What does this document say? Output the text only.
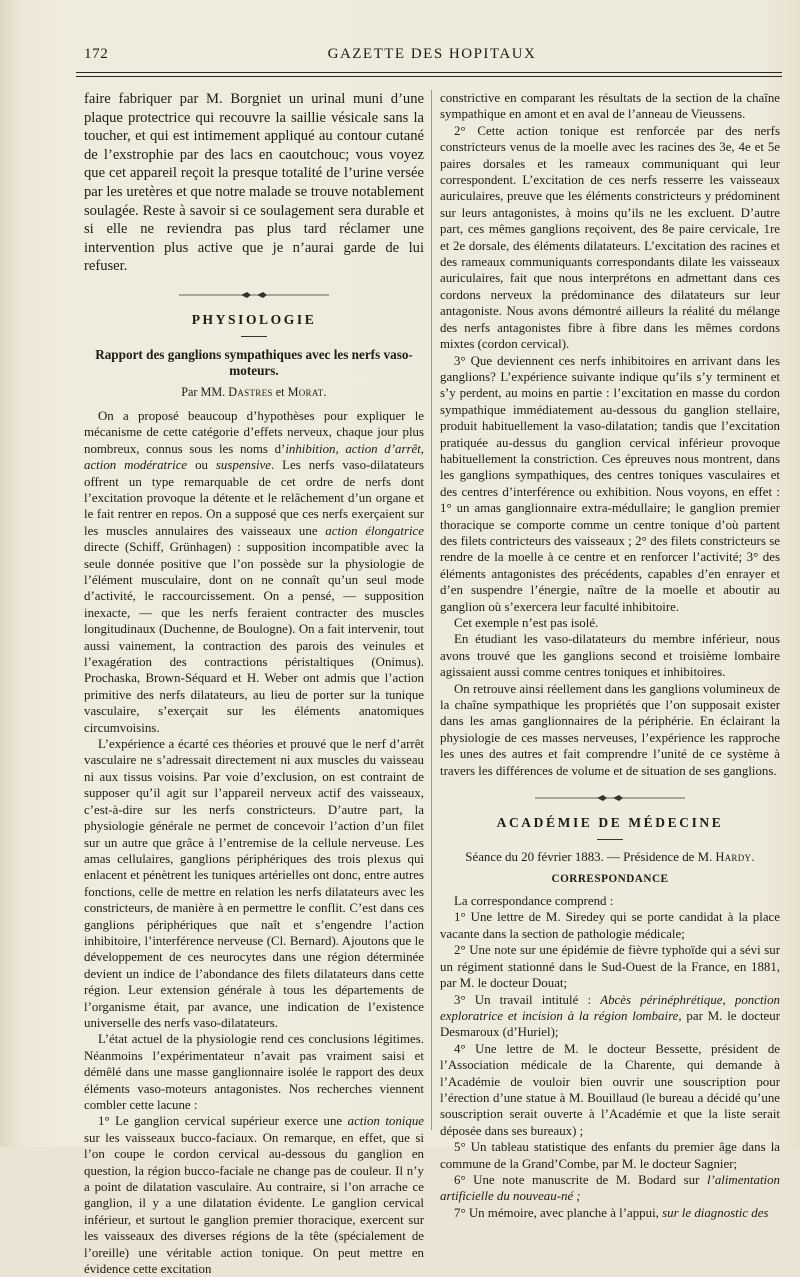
172	GAZETTE DES HOPITAUX

faire fabriquer par M. Borgniet un urinal muni d’une plaque protectrice qui recouvre la saillie vésicale sans la toucher, et qui est intimement appliqué au contour cutané de l’exstrophie par des lacs en caoutchouc; vous voyez que cet appareil reçoit la presque totalité de l’urine versée par les uretères et que notre malade se trouve notablement soulagée. Reste à savoir si ce soulagement sera durable et si elle ne reviendra pas plus tard réclamer une intervention plus active que je n’aurai garde de lui refuser.

PHYSIOLOGIE

Rapport des ganglions sympathiques avec les nerfs vaso-moteurs.

Par MM. Dastres et Morat.

On a proposé beaucoup d’hypothèses pour expliquer le mécanisme de cette catégorie d’effets nerveux, chaque jour plus nombreux, connus sous les noms d’inhibition, action d’arrêt, action modératrice ou suspensive. Les nerfs vaso-dilatateurs offrent un type remarquable de cet ordre de nerfs dont l’excitation provoque la détente et le relâchement d’un organe et le fait rentrer en repos. On a supposé que ces nerfs exerçaient sur les muscles annulaires des vaisseaux une action élongatrice directe (Schiff, Grünhagen) : supposition incompatible avec la seule donnée positive que l’on possède sur la physiologie de l’élément musculaire, dont on ne connaît qu’un seul mode d’activité, le raccourcissement. On a pensé, — supposition inexacte, — que les nerfs feraient contracter des muscles longitudinaux (Duchenne, de Boulogne). On a fait intervenir, tout aussi vainement, la contraction des parois des veinules et l’exagération des contractions péristaltiques (Onimus). Prochaska, Brown-Séquard et H. Weber ont admis que l’action primitive des nerfs dilatateurs, au lieu de porter sur la tunique vasculaire, s’exerçait sur les éléments anatomiques circumvoisins.

L’expérience a écarté ces théories et prouvé que le nerf d’arrêt vasculaire ne s’adressait directement ni aux muscles du vaisseau ni aux tissus voisins. Par voie d’exclusion, on est contraint de supposer qu’il agit sur l’appareil nerveux actif des vaisseaux, c’est-à-dire sur les nerfs constricteurs. D’autre part, la physiologie générale ne permet de concevoir l’action d’un filet sur un autre que grâce à l’entremise de la cellule nerveuse. Les amas cellulaires, ganglions périphériques des trois plexus qui enlacent et pénètrent les tuniques artérielles ont donc, entre autres fonctions, celle de mettre en relation les nerfs dilatateurs avec les constricteurs, de manière à en permettre le conflit. C’est dans ces ganglions périphériques que naît et s’engendre l’action inhibitoire, l’interférence nerveuse (Cl. Bernard). Ajoutons que le développement de ces neurocytes dans une région déterminée devient un indice de l’abondance des filets dilatateurs dans cette région. Leur extension générale à tous les départements de l’organisme était, par avance, une indication de l’existence universelle des nerfs vaso-dilatateurs.

L’état actuel de la physiologie rend ces conclusions légitimes. Néanmoins l’expérimentateur n’avait pas vraiment saisi et démêlé dans une masse ganglionnaire isolée le rapport des deux éléments vaso-moteurs antagonistes. Nos recherches viennent combler cette lacune :

1° Le ganglion cervical supérieur exerce une action tonique sur les vaisseaux bucco-faciaux. On remarque, en effet, que si l’on coupe le cordon cervical au-dessous du ganglion en question, la région bucco-faciale ne change pas de couleur. Il n’y a point de dilatation vasculaire. Au contraire, si l’on arrache ce ganglion, il y a une dilatation évidente. Le ganglion cervical inférieur, et surtout le ganglion premier thoracique, exercent sur les vaisseaux des diverses régions de la tête (spécialement de l’oreille) une véritable action tonique. On peut mettre en évidence cette excitation

constrictive en comparant les résultats de la section de la chaîne sympathique en amont et en aval de l’anneau de Vieussens.

2° Cette action tonique est renforcée par des nerfs constricteurs venus de la moelle avec les racines des 3e, 4e et 5e paires dorsales et les rameaux communiquant qui leur correspondent. L’excitation de ces nerfs resserre les vaisseaux auriculaires, preuve que les éléments constricteurs y prédominent sur leurs antagonistes, à moins qu’ils ne les excluent. D’autre part, ces mêmes ganglions reçoivent, des 8e paire cervicale, 1re et 2e dorsale, des éléments dilatateurs. L’excitation des racines et des rameaux communiquants correspondants dilate les vaisseaux auriculaires, fait que nous interprétons en admettant dans ces cordons nerveux la prédominance des dilatateurs sur leur antagoniste. Nous avons démontré ailleurs la réalité du mélange des nerfs antagonistes fibre à fibre dans les mêmes cordons mixtes (cordon cervical).

3° Que deviennent ces nerfs inhibitoires en arrivant dans les ganglions? L’expérience suivante indique qu’ils s’y terminent et s’y perdent, au moins en partie : l’excitation en masse du cordon sympathique immédiatement au-dessous du ganglion stellaire, produit habituellement la vaso-dilatation; tandis que l’excitation pratiquée au-dessus du ganglion cervical inférieur provoque habituellement la constriction. Ces épreuves nous montrent, dans les ganglions sympathiques, des centres toniques vasculaires et des centres d’interférence ou exhibition. Nous voyons, en effet : 1° un amas ganglionnaire extra-médullaire; le ganglion premier thoracique se comporte comme un centre tonique d’où partent des filets contricteurs des vaisseaux ; 2° des filets constricteurs se rendre de la moelle à ce centre et en renforcer l’activité; 3° des éléments antagonistes des précédents, capables d’en enrayer et d’en suspendre l’énergie, naître de la moelle et aboutir au ganglion où s’exercera leur faculté inhibitoire.

Cet exemple n’est pas isolé.

En étudiant les vaso-dilatateurs du membre inférieur, nous avons trouvé que les ganglions second et troisième lombaire agissaient aussi comme centres toniques et inhibitoires.

On retrouve ainsi réellement dans les ganglions volumineux de la chaîne sympathique les propriétés que l’on supposait exister dans les amas ganglionnaires de la périphérie. En éclairant la physiologie de ces masses nerveuses, l’expérience les rapproche les unes des autres et fait comprendre l’unité de ce système à travers les différences de volume et de situation de ses ganglions.

ACADÉMIE DE MÉDECINE

Séance du 20 février 1883. — Présidence de M. Hardy.

CORRESPONDANCE

La correspondance comprend :

1° Une lettre de M. Siredey qui se porte candidat à la place vacante dans la section de pathologie médicale;

2° Une note sur une épidémie de fièvre typhoïde qui a sévi sur un régiment stationné dans le Sud-Ouest de la France, en 1881, par M. le docteur Douat;

3° Un travail intitulé : Abcès périnéphrétique, ponction exploratrice et incision à la région lombaire, par M. le docteur Desmaroux (d’Huriel);

4° Une lettre de M. le docteur Bessette, président de l’Association médicale de la Charente, qui demande à l’Académie de vouloir bien ouvrir une souscription pour l’érection d’une statue à M. Bouillaud (le bureau a décidé qu’une souscription serait ouverte à l’Académie et que la liste serait déposée dans ses bureaux) ;

5° Un tableau statistique des enfants du premier âge dans la commune de la Grand’Combe, par M. le docteur Sagnier;

6° Une note manuscrite de M. Bodard sur l’alimentation artificielle du nouveau-né ;

7° Un mémoire, avec planche à l’appui, sur le diagnostic des
